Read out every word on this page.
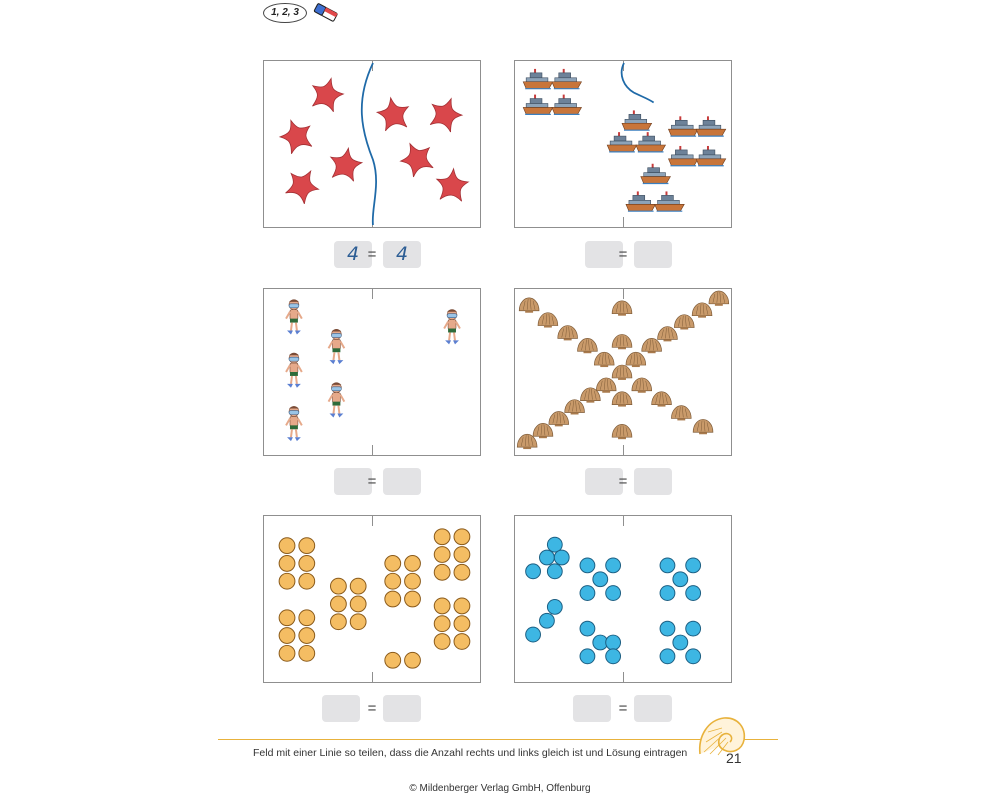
1, 2, 3
4 =	4	=
=	=
=	=
Feld mit einer Linie so teilen, dass die Anzahl rechts und links gleich ist und Lösung eintragen	21
© Mildenberger Verlag GmbH, Offenburg
